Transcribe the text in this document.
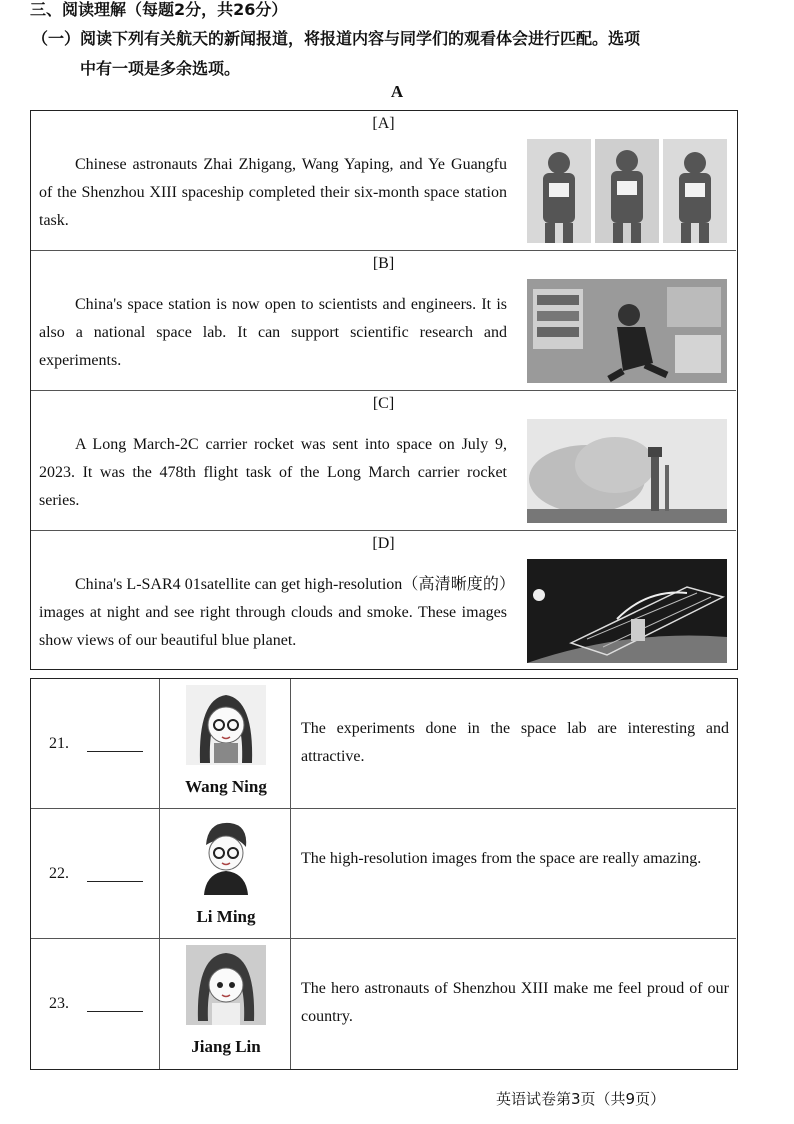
三、阅读理解（每题2分，共26分）
（一）阅读下列有关航天的新闻报道，将报道内容与同学们的观看体会进行匹配。选项
中有一项是多余选项。
A
[A]
Chinese astronauts Zhai Zhigang, Wang Yaping, and Ye Guangfu of the Shenzhou XIII spaceship completed their six-month space station task.
[B]
China's space station is now open to scientists and engineers. It is also a national space lab. It can support scientific research and experiments.
[C]
A Long March-2C carrier rocket was sent into space on July 9, 2023. It was the 478th flight task of the Long March carrier rocket series.
[D]
China's L-SAR4 01satellite can get high-resolution（高清晰度的）images at night and see right through clouds and smoke. These images show views of our beautiful blue planet.
21.
Wang Ning
The experiments done in the space lab are interesting and attractive.
22.
Li Ming
The high-resolution images from the space are really amazing.
23.
Jiang Lin
The hero astronauts of Shenzhou XIII make me feel proud of our country.
英语试卷第3页（共9页）
